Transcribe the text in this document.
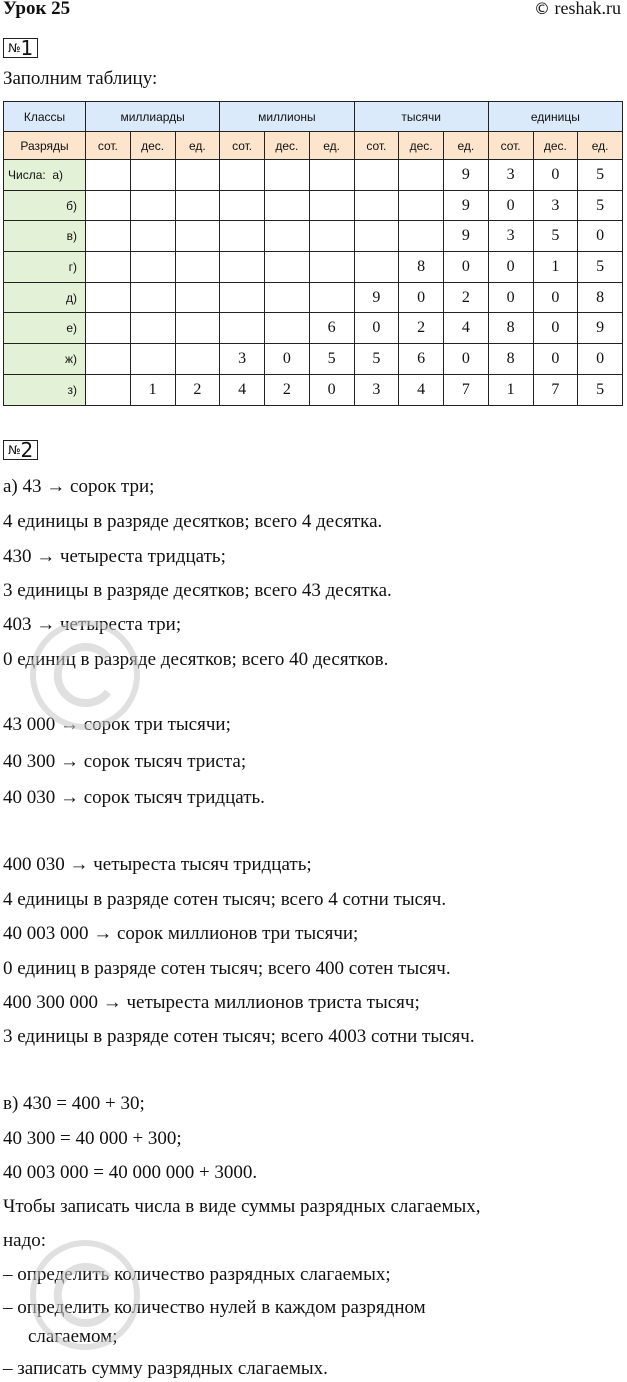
Урок 25	© reshak.ru
№1
Заполним таблицу:
Классы	миллиарды			миллионы			тысячи			единицы		
Разряды	сот.	дес.	ед.	сот.	дес.	ед.	сот.	дес.	ед.	сот.	дес.	ед.
Числа:  а)									9	3	0	5
б)									9	0	3	5
в)									9	3	5	0
г)								8	0	0	1	5
д)							9	0	2	0	0	8
е)						6	0	2	4	8	0	9
ж)				3	0	5	5	6	0	8	0	0
з)		1	2	4	2	0	3	4	7	1	7	5
№2
а) 43 → сорок три;
4 единицы в разряде десятков; всего 4 десятка.
430 → четыреста тридцать;
3 единицы в разряде десятков; всего 43 десятка.
403 → четыреста три;
0 единиц в разряде десятков; всего 40 десятков.
43 000 → сорок три тысячи;
40 300 → сорок тысяч триста;
40 030 → сорок тысяч тридцать.
400 030 → четыреста тысяч тридцать;
4 единицы в разряде сотен тысяч; всего 4 сотни тысяч.
40 003 000 → сорок миллионов три тысячи;
0 единиц в разряде сотен тысяч; всего 400 сотен тысяч.
400 300 000 → четыреста миллионов триста тысяч;
3 единицы в разряде сотен тысяч; всего 4003 сотни тысяч.
в) 430 = 400 + 30;
40 300 = 40 000 + 300;
40 003 000 = 40 000 000 + 3000.
Чтобы записать числа в виде суммы разрядных слагаемых,
надо:
– определить количество разрядных слагаемых;
– определить количество нулей в каждом разрядном
слагаемом;
– записать сумму разрядных слагаемых.
